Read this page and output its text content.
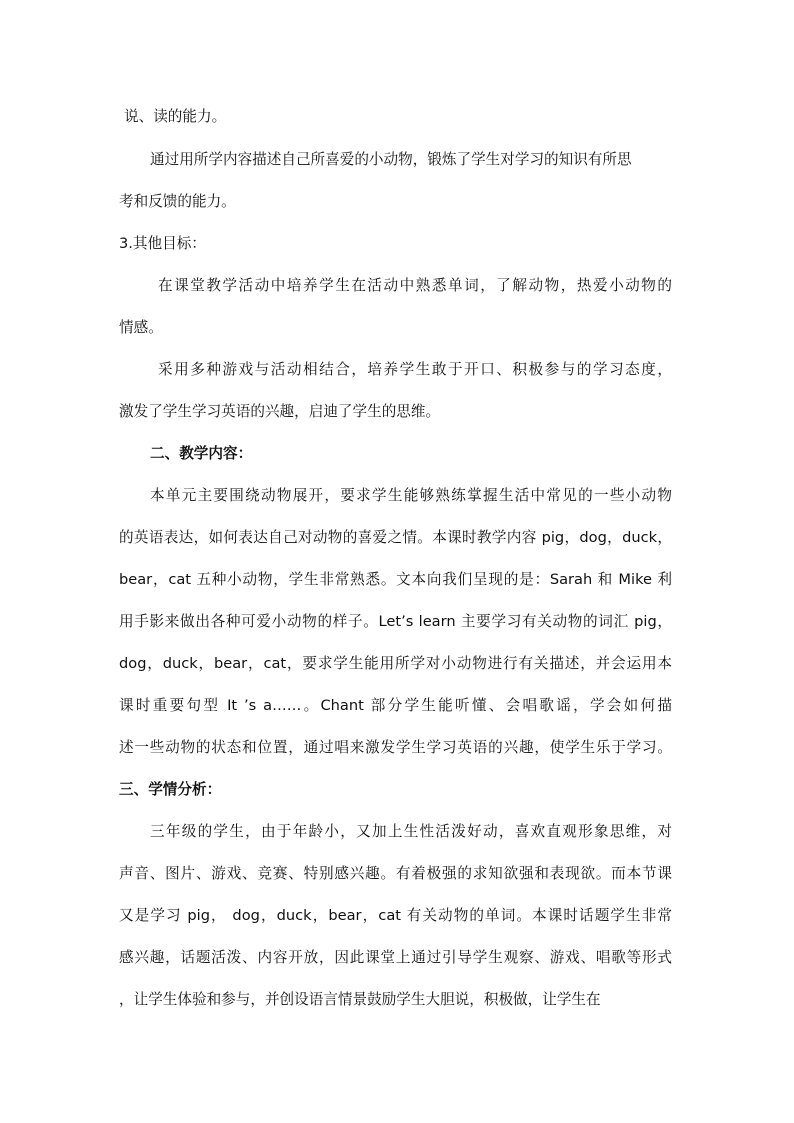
说、读的能力。
通过用所学内容描述自己所喜爱的小动物，锻炼了学生对学习的知识有所思
考和反馈的能力。
3.其他目标：
在课堂教学活动中培养学生在活动中熟悉单词，了解动物，热爱小动物的
情感。
采用多种游戏与活动相结合，培养学生敢于开口、积极参与的学习态度，
激发了学生学习英语的兴趣，启迪了学生的思维。
二、教学内容：
本单元主要围绕动物展开，要求学生能够熟练掌握生活中常见的一些小动物
的英语表达，如何表达自己对动物的喜爱之情。本课时教学内容 pig，dog，duck，
bear，cat 五种小动物，学生非常熟悉。文本向我们呈现的是：Sarah 和 Mike 利
用手影来做出各种可爱小动物的样子。Let’s learn 主要学习有关动物的词汇 pig，
dog，duck，bear，cat，要求学生能用所学对小动物进行有关描述，并会运用本
课时重要句型 It ’s a……。Chant 部分学生能听懂、会唱歌谣，学会如何描
述一些动物的状态和位置，通过唱来激发学生学习英语的兴趣，使学生乐于学习。
三、学情分析：
三年级的学生，由于年龄小，又加上生性活泼好动，喜欢直观形象思维，对
声音、图片、游戏、竞赛、特别感兴趣。有着极强的求知欲强和表现欲。而本节课
又是学习 pig， dog，duck，bear，cat 有关动物的单词。本课时话题学生非常
感兴趣，话题活泼、内容开放，因此课堂上通过引导学生观察、游戏、唱歌等形式
，让学生体验和参与，并创设语言情景鼓励学生大胆说，积极做，让学生在
